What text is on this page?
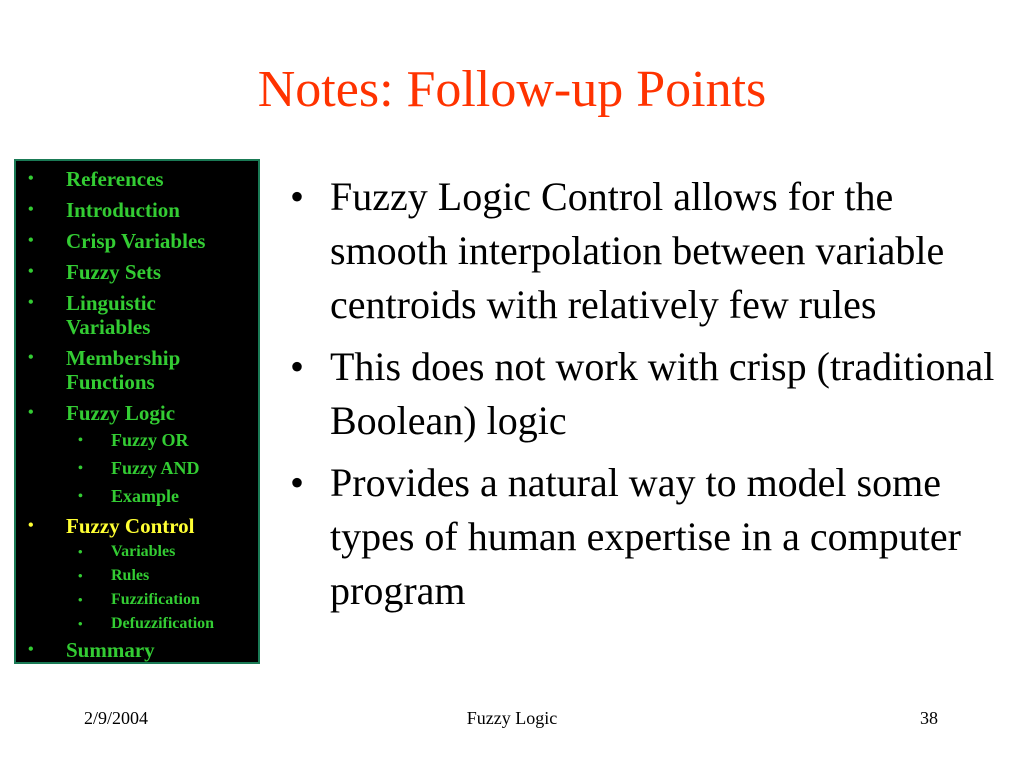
Notes: Follow-up Points
• References
• Introduction
• Crisp Variables
• Fuzzy Sets
• Linguistic Variables
• Membership Functions
• Fuzzy Logic
• Fuzzy OR
• Fuzzy AND
• Example
• Fuzzy Control
• Variables
• Rules
• Fuzzification
• Defuzzification
• Summary
• Fuzzy Logic Control allows for the smooth interpolation between variable centroids with relatively few rules
• This does not work with crisp (traditional Boolean) logic
• Provides a natural way to model some types of human expertise in a computer program
2/9/2004	Fuzzy Logic	38
